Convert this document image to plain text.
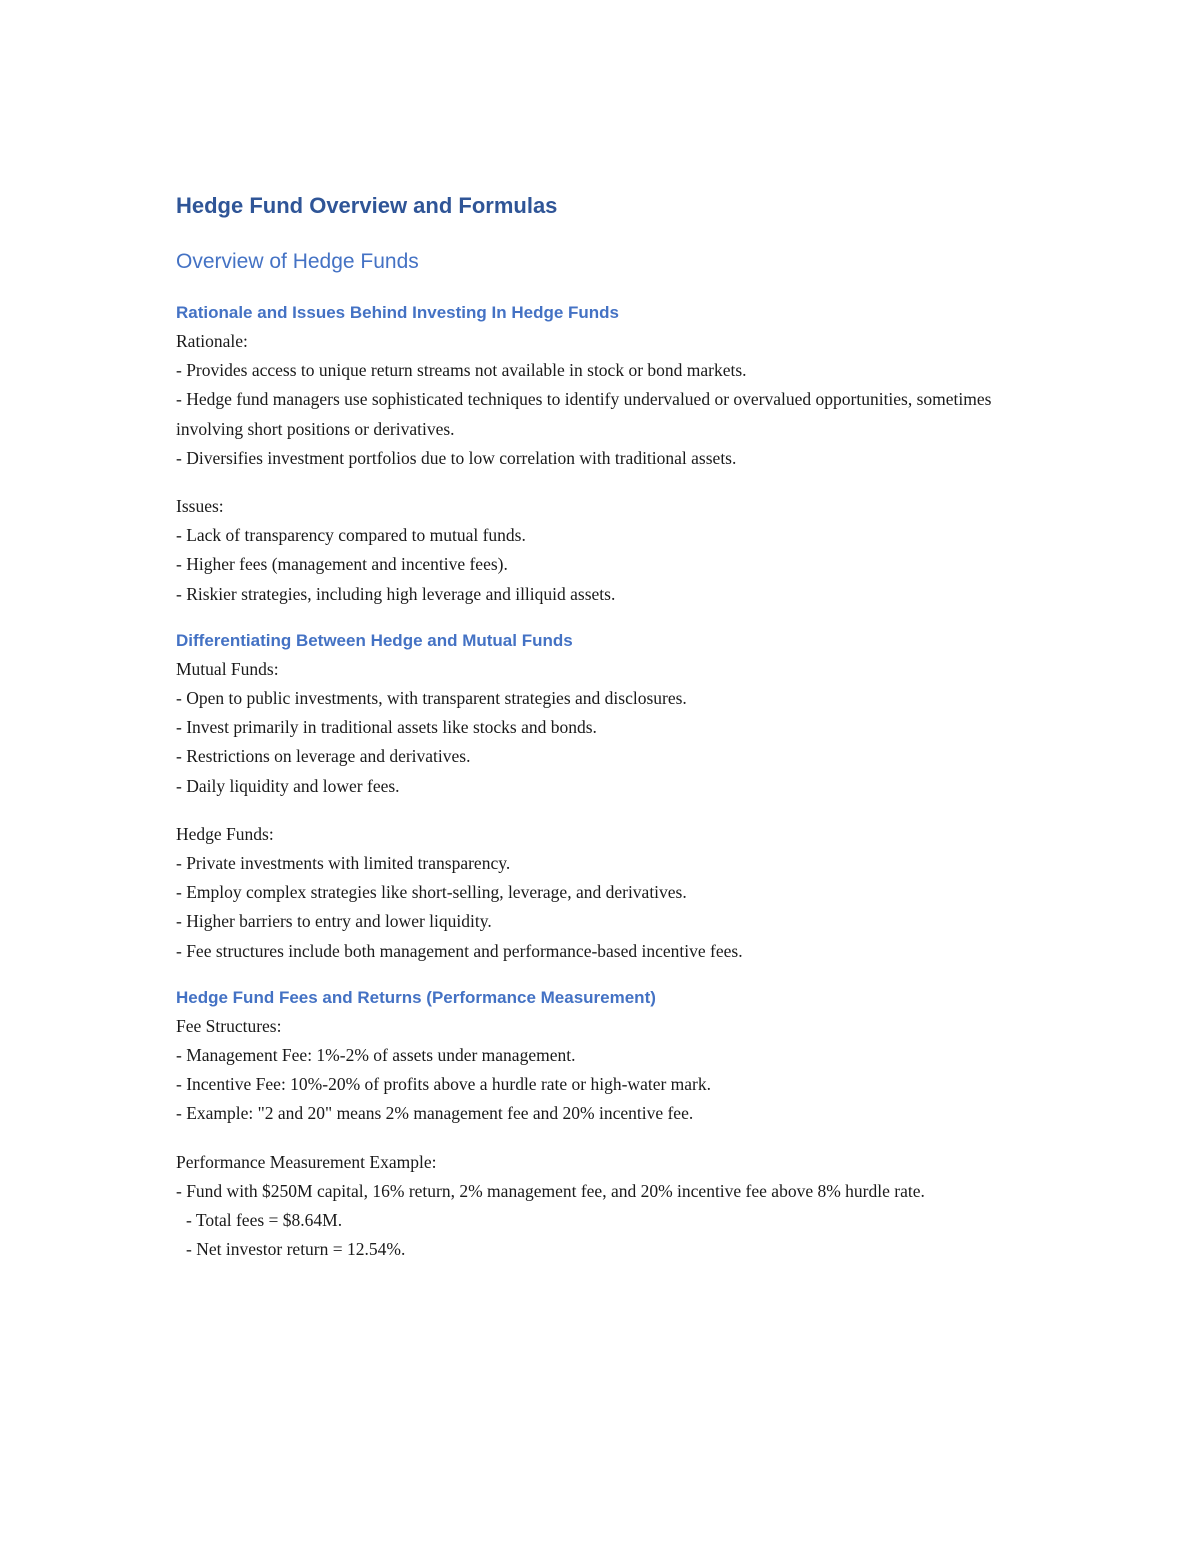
Hedge Fund Overview and Formulas
Overview of Hedge Funds
Rationale and Issues Behind Investing In Hedge Funds

Rationale:

- Provides access to unique return streams not available in stock or bond markets.

- Hedge fund managers use sophisticated techniques to identify undervalued or overvalued opportunities, sometimes involving short positions or derivatives.

- Diversifies investment portfolios due to low correlation with traditional assets.

Issues:

- Lack of transparency compared to mutual funds.

- Higher fees (management and incentive fees).

- Riskier strategies, including high leverage and illiquid assets.

Differentiating Between Hedge and Mutual Funds

Mutual Funds:

- Open to public investments, with transparent strategies and disclosures.

- Invest primarily in traditional assets like stocks and bonds.

- Restrictions on leverage and derivatives.

- Daily liquidity and lower fees.

Hedge Funds:

- Private investments with limited transparency.

- Employ complex strategies like short-selling, leverage, and derivatives.

- Higher barriers to entry and lower liquidity.

- Fee structures include both management and performance-based incentive fees.

Hedge Fund Fees and Returns (Performance Measurement)

Fee Structures:

- Management Fee: 1%-2% of assets under management.

- Incentive Fee: 10%-20% of profits above a hurdle rate or high-water mark.

- Example: "2 and 20" means 2% management fee and 20% incentive fee.

Performance Measurement Example:

- Fund with $250M capital, 16% return, 2% management fee, and 20% incentive fee above 8% hurdle rate.

- Total fees = $8.64M.

- Net investor return = 12.54%.
